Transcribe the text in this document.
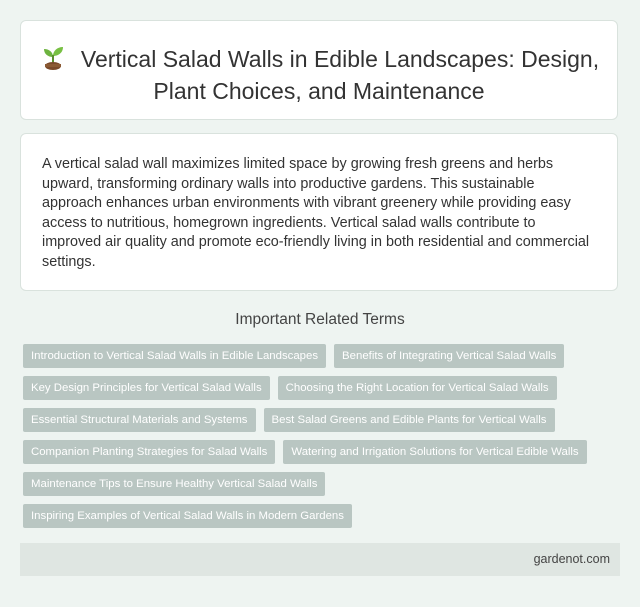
Vertical Salad Walls in Edible Landscapes: Design, Plant Choices, and Maintenance

A vertical salad wall maximizes limited space by growing fresh greens and herbs upward, transforming ordinary walls into productive gardens. This sustainable approach enhances urban environments with vibrant greenery while providing easy access to nutritious, homegrown ingredients. Vertical salad walls contribute to improved air quality and promote eco-friendly living in both residential and commercial settings.

Important Related Terms
Introduction to Vertical Salad Walls in Edible Landscapes	Benefits of Integrating Vertical Salad Walls
Key Design Principles for Vertical Salad Walls	Choosing the Right Location for Vertical Salad Walls
Essential Structural Materials and Systems	Best Salad Greens and Edible Plants for Vertical Walls
Companion Planting Strategies for Salad Walls	Watering and Irrigation Solutions for Vertical Edible Walls
Maintenance Tips to Ensure Healthy Vertical Salad Walls
Inspiring Examples of Vertical Salad Walls in Modern Gardens
gardenot.com
